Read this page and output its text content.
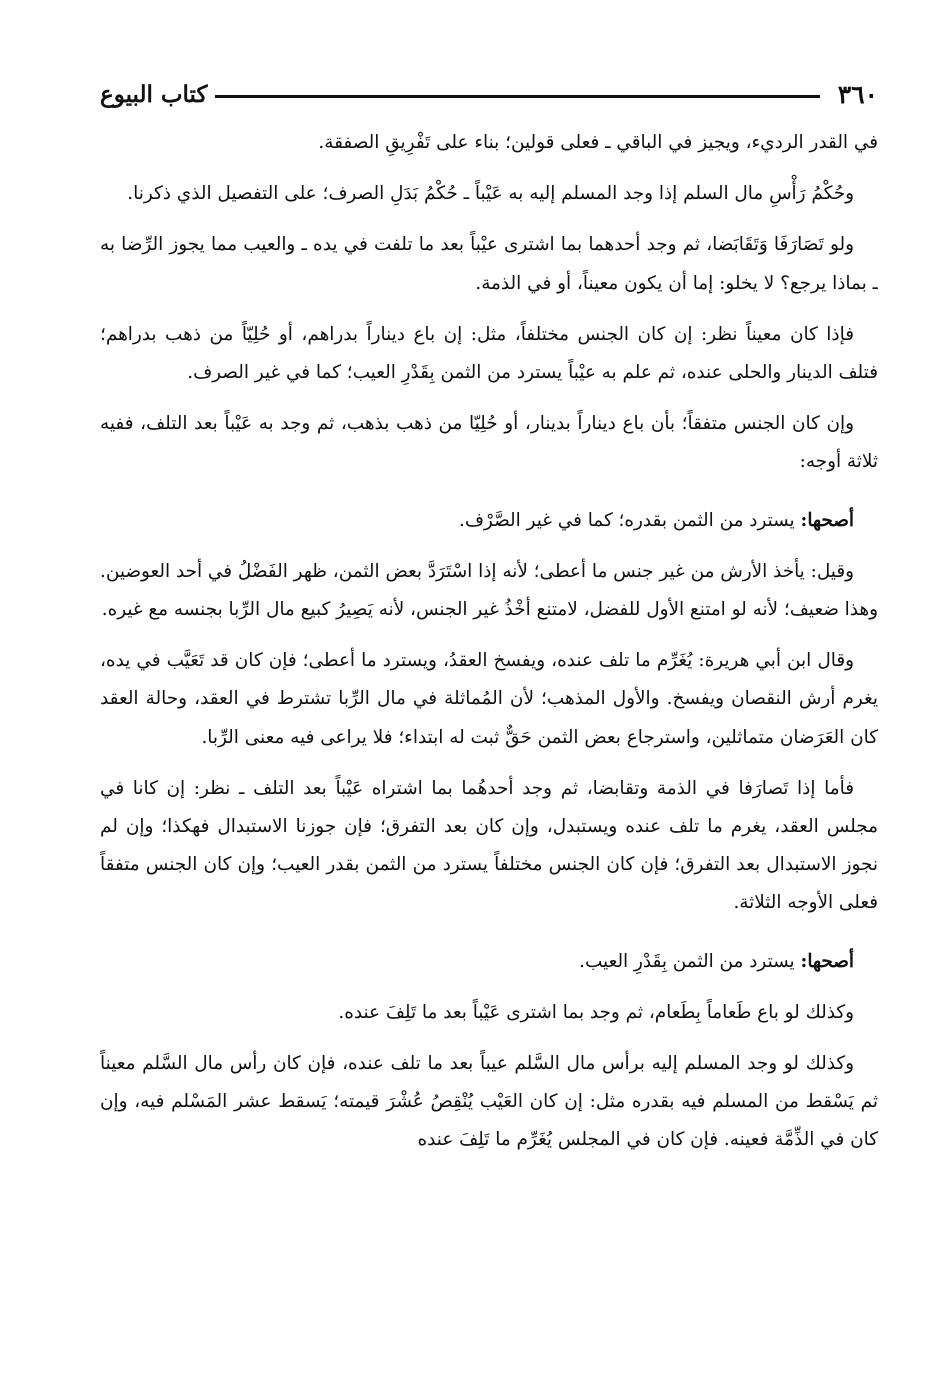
٣٦٠
كتاب البيوع

في القدر الرديء، ويجيز في الباقي ـ فعلى قولين؛ بناء على تَفْرِيقِ الصفقة.

وحُكْمُ رَأْسِ مال السلم إذا وجد المسلم إليه به عَيْباً ـ حُكْمُ بَدَلِ الصرف؛ على التفصيل الذي ذكرنا.

ولو تَصَارَفَا وَتَقَابَضا، ثم وجد أحدهما بما اشترى عيْباً بعد ما تلفت في يده ـ والعيب مما يجوز الرِّضا به ـ بماذا يرجع؟ لا يخلو: إما أن يكون معيناً، أو في الذمة.

فإذا كان معيناً نظر: إن كان الجنس مختلفاً، مثل: إن باع ديناراً بدراهم، أو حُلِيّاً من ذهب بدراهم؛ فتلف الدينار والحلى عنده، ثم علم به عيْباً يسترد من الثمن بِقَدْرِ العيب؛ كما في غير الصرف.

وإن كان الجنس متفقاً؛ بأن باع ديناراً بدينار، أو حُلِيّا من ذهب بذهب، ثم وجد به عَيْباً بعد التلف، ففيه ثلاثة أوجه:

أصحها: يسترد من الثمن بقدره؛ كما في غير الصَّرْف.

وقيل: يأخذ الأرش من غير جنس ما أعطى؛ لأنه إذا اسْتَرَدَّ بعض الثمن، ظهر الفَضْلُ في أحد العوضين. وهذا ضعيف؛ لأنه لو امتنع الأول للفضل، لامتنع أخْذُ غير الجنس، لأنه يَصِيرُ كبيع مال الرِّبا بجنسه مع غيره.

وقال ابن أبي هريرة: يُغَرِّم ما تلف عنده، ويفسخ العقدُ، ويسترد ما أعطى؛ فإن كان قد تَعَيَّب في يده، يغرم أرش النقصان ويفسخ. والأول المذهب؛ لأن المُماثلة في مال الرِّبا تشترط في العقد، وحالة العقد كان العَرَضان متماثلين، واسترجاع بعض الثمن حَقٌّ ثبت له ابتداء؛ فلا يراعى فيه معنى الرِّبا.

فأما إذا تَصارَفا في الذمة وتقابضا، ثم وجد أحدهُما بما اشتراه عَيْباً بعد التلف ـ نظر: إن كانا في مجلس العقد، يغرم ما تلف عنده ويستبدل، وإن كان بعد التفرق؛ فإن جوزنا الاستبدال فهكذا؛ وإن لم نجوز الاستبدال بعد التفرق؛ فإن كان الجنس مختلفاً يسترد من الثمن بقدر العيب؛ وإن كان الجنس متفقاً فعلى الأوجه الثلاثة.

أصحها: يسترد من الثمن بِقَدْرِ العيب.

وكذلك لو باع طَعاماً بِطَعام، ثم وجد بما اشترى عَيْباً بعد ما تَلِفَ عنده.

وكذلك لو وجد المسلم إليه برأس مال السَّلم عيباً بعد ما تلف عنده، فإن كان رأس مال السَّلم معيناً ثم يَسْقط من المسلم فيه بقدره مثل: إن كان العَيْب يُنْقِصُ عُشْرَ قيمته؛ يَسقط عشر المَسْلم فيه، وإن كان في الذِّمَّة فعينه. فإن كان في المجلس يُغَرِّم ما تَلِفَ عنده
